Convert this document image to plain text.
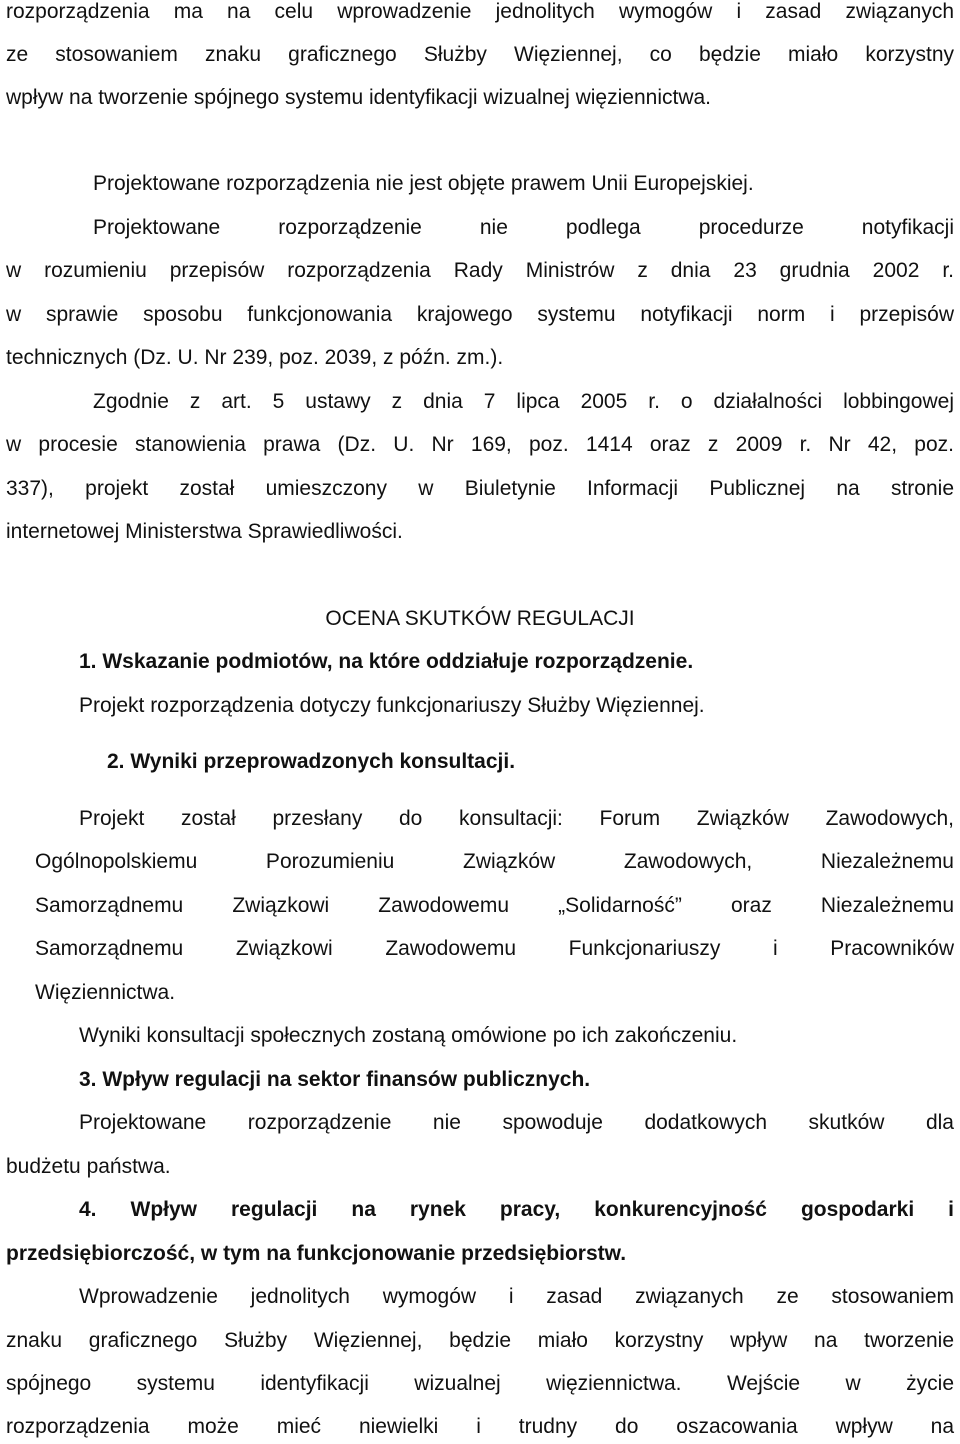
rozporządzenia ma na celu wprowadzenie jednolitych wymogów i zasad związanych
ze stosowaniem znaku graficznego Służby Więziennej, co będzie miało korzystny
wpływ na tworzenie spójnego systemu identyfikacji wizualnej więziennictwa.
Projektowane rozporządzenia nie jest objęte prawem Unii Europejskiej.
Projektowane rozporządzenie nie podlega procedurze notyfikacji
w rozumieniu przepisów rozporządzenia Rady Ministrów z dnia 23 grudnia 2002 r.
w sprawie sposobu funkcjonowania krajowego systemu notyfikacji norm i przepisów
technicznych (Dz. U. Nr 239, poz. 2039, z późn. zm.).
Zgodnie z art. 5 ustawy z dnia 7 lipca 2005 r. o działalności lobbingowej
w procesie stanowienia prawa (Dz. U. Nr 169, poz. 1414 oraz z 2009 r. Nr 42, poz.
337), projekt został umieszczony w Biuletynie Informacji Publicznej na stronie
internetowej Ministerstwa Sprawiedliwości.
OCENA SKUTKÓW REGULACJI
1. Wskazanie podmiotów, na które oddziałuje rozporządzenie.
Projekt rozporządzenia dotyczy funkcjonariuszy Służby Więziennej.
2. Wyniki przeprowadzonych konsultacji.
Projekt został przesłany do konsultacji: Forum Związków Zawodowych,
Ogólnopolskiemu Porozumieniu Związków Zawodowych, Niezależnemu
Samorządnemu Związkowi Zawodowemu „Solidarność” oraz Niezależnemu
Samorządnemu Związkowi Zawodowemu Funkcjonariuszy i Pracowników
Więziennictwa.
Wyniki konsultacji społecznych zostaną omówione po ich zakończeniu.
3. Wpływ regulacji na sektor finansów publicznych.
Projektowane rozporządzenie nie spowoduje dodatkowych skutków dla
budżetu państwa.
4. Wpływ regulacji na rynek pracy, konkurencyjność gospodarki i
przedsiębiorczość, w tym na funkcjonowanie przedsiębiorstw.
Wprowadzenie jednolitych wymogów i zasad związanych ze stosowaniem
znaku graficznego Służby Więziennej, będzie miało korzystny wpływ na tworzenie
spójnego systemu identyfikacji wizualnej więziennictwa. Wejście w życie
rozporządzenia może mieć niewielki i trudny do oszacowania wpływ na
